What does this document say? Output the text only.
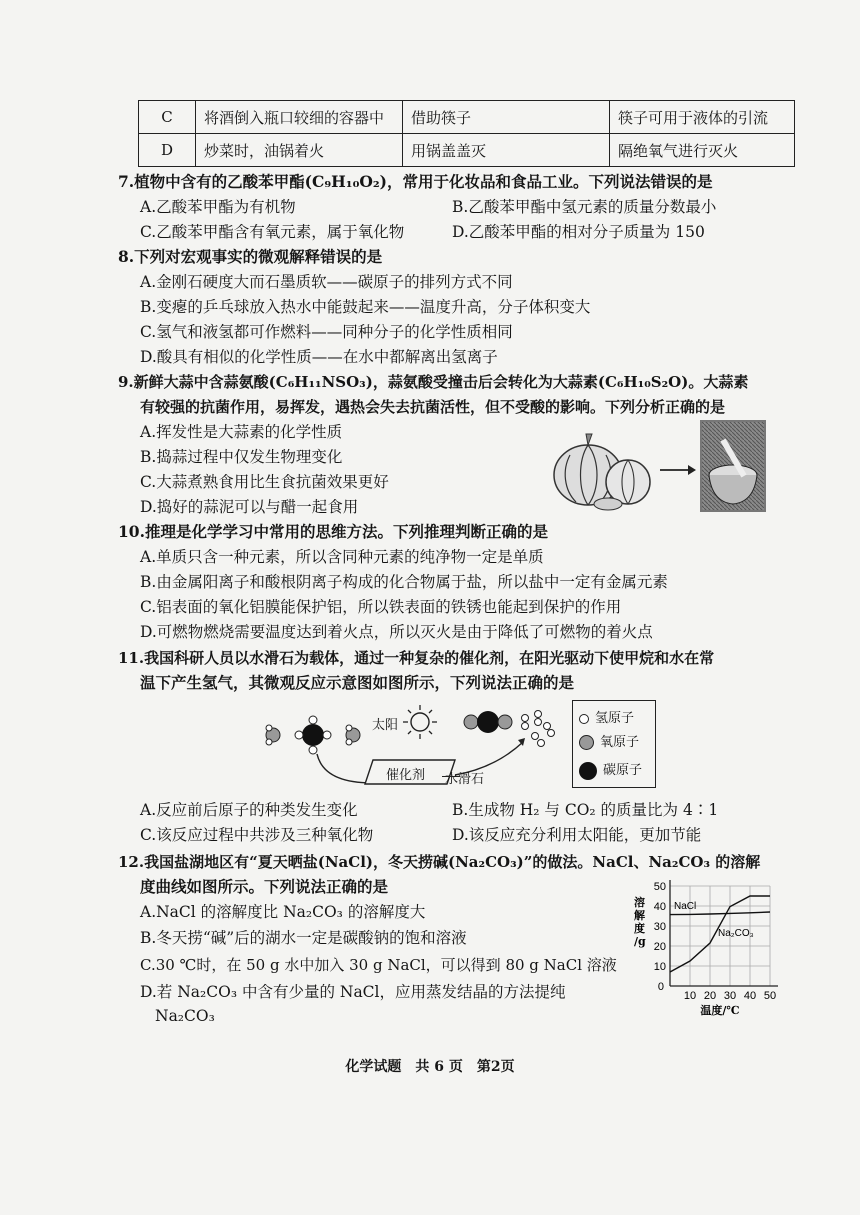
C	将酒倒入瓶口较细的容器中	借助筷子	筷子可用于液体的引流
D	炒菜时，油锅着火	用锅盖盖灭	隔绝氧气进行灭火
7.植物中含有的乙酸苯甲酯(C₉H₁₀O₂)，常用于化妆品和食品工业。下列说法错误的是
A.乙酸苯甲酯为有机物	B.乙酸苯甲酯中氢元素的质量分数最小
C.乙酸苯甲酯含有氧元素，属于氧化物	D.乙酸苯甲酯的相对分子质量为 150
8.下列对宏观事实的微观解释错误的是
A.金刚石硬度大而石墨质软——碳原子的排列方式不同
B.变瘪的乒乓球放入热水中能鼓起来——温度升高，分子体积变大
C.氢气和液氢都可作燃料——同种分子的化学性质相同
D.酸具有相似的化学性质——在水中都解离出氢离子
9.新鲜大蒜中含蒜氨酸(C₆H₁₁NSO₃)，蒜氨酸受撞击后会转化为大蒜素(C₆H₁₀S₂O)。大蒜素
有较强的抗菌作用，易挥发，遇热会失去抗菌活性，但不受酸的影响。下列分析正确的是
A.挥发性是大蒜素的化学性质
B.捣蒜过程中仅发生物理变化
C.大蒜煮熟食用比生食抗菌效果更好
D.捣好的蒜泥可以与醋一起食用
10.推理是化学学习中常用的思维方法。下列推理判断正确的是
A.单质只含一种元素，所以含同种元素的纯净物一定是单质
B.由金属阳离子和酸根阴离子构成的化合物属于盐，所以盐中一定有金属元素
C.铝表面的氧化铝膜能保护铝，所以铁表面的铁锈也能起到保护的作用
D.可燃物燃烧需要温度达到着火点，所以灭火是由于降低了可燃物的着火点
11.我国科研人员以水滑石为载体，通过一种复杂的催化剂，在阳光驱动下使甲烷和水在常
温下产生氢气，其微观反应示意图如图所示，下列说法正确的是
太阳
催化剂 水滑石
氢原子
氧原子
碳原子
A.反应前后原子的种类发生变化	B.生成物 H₂ 与 CO₂ 的质量比为 4∶1
C.该反应过程中共涉及三种氧化物	D.该反应充分利用太阳能，更加节能
12.我国盐湖地区有“夏天晒盐(NaCl)，冬天捞碱(Na₂CO₃)”的做法。NaCl、Na₂CO₃ 的溶解
度曲线如图所示。下列说法正确的是
A.NaCl 的溶解度比 Na₂CO₃ 的溶解度大
B.冬天捞“碱”后的湖水一定是碳酸钠的饱和溶液
C.30 ℃时，在 50 g 水中加入 30 g NaCl，可以得到 80 g NaCl 溶液
D.若 Na₂CO₃ 中含有少量的 NaCl，应用蒸发结晶的方法提纯
Na₂CO₃
10
20
30
40
50
10 20 30 40 50
0
溶
解
度
/g
温度/℃
NaCl
Na₂CO₃
化学试题　共 6 页　第2页
